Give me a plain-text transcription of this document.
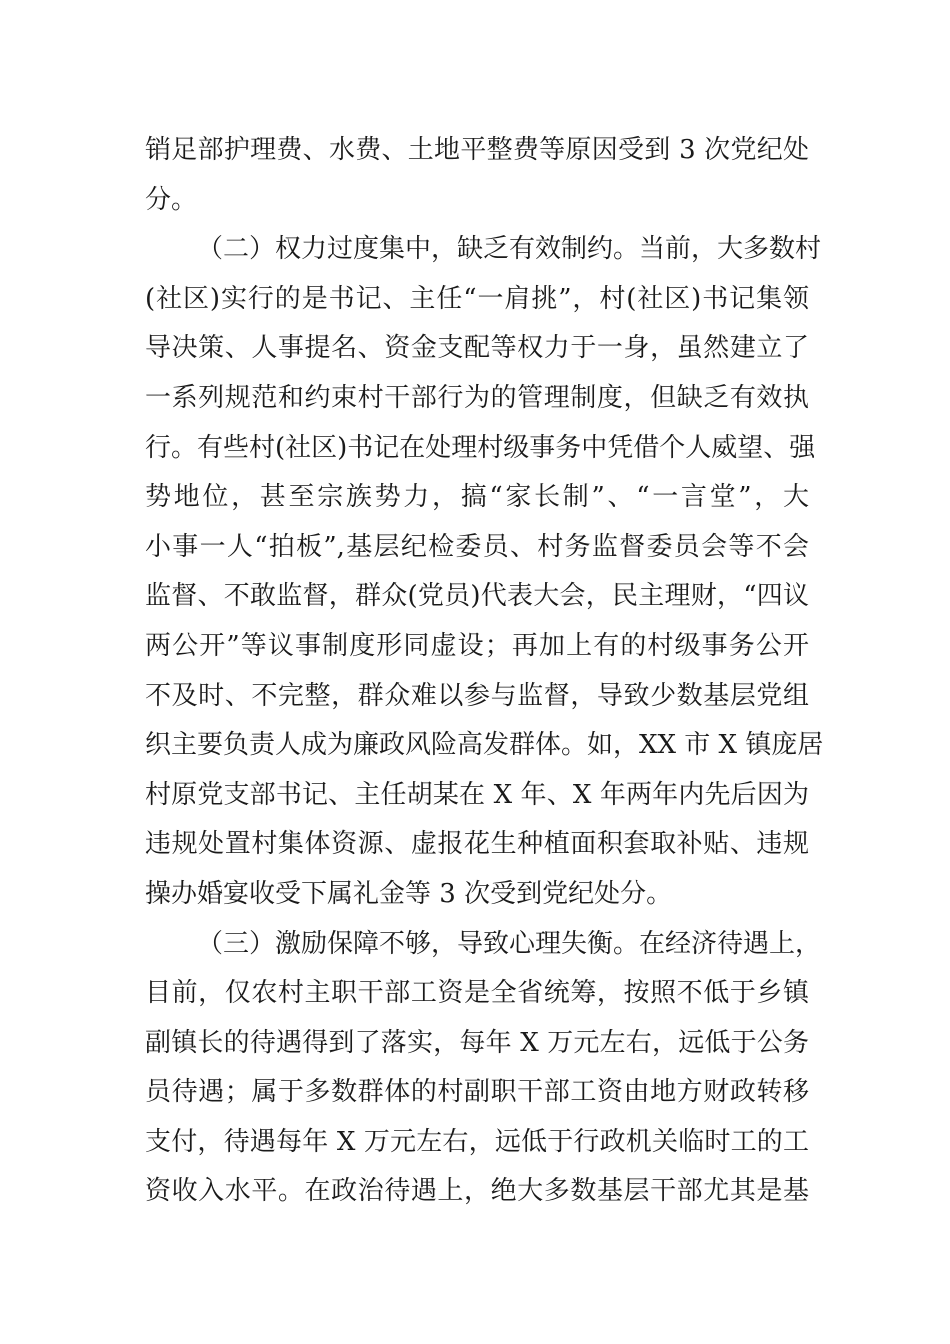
销足部护理费、水费、土地平整费等原因受到 3 次党纪处
分。
（二）权力过度集中，缺乏有效制约。当前，大多数村
(社区)实行的是书记、主任“一肩挑”，村(社区)书记集领
导决策、人事提名、资金支配等权力于一身，虽然建立了
一系列规范和约束村干部行为的管理制度，但缺乏有效执
行。有些村(社区)书记在处理村级事务中凭借个人威望、强
势地位，甚至宗族势力，搞“家长制”、“一言堂”，大
小事一人“拍板”,基层纪检委员、村务监督委员会等不会
监督、不敢监督，群众(党员)代表大会，民主理财，“四议
两公开”等议事制度形同虚设；再加上有的村级事务公开
不及时、不完整，群众难以参与监督，导致少数基层党组
织主要负责人成为廉政风险高发群体。如，XX 市 X 镇庞居
村原党支部书记、主任胡某在 X 年、X 年两年内先后因为
违规处置村集体资源、虚报花生种植面积套取补贴、违规
操办婚宴收受下属礼金等 3 次受到党纪处分。
（三）激励保障不够，导致心理失衡。在经济待遇上，
目前，仅农村主职干部工资是全省统筹，按照不低于乡镇
副镇长的待遇得到了落实，每年 X 万元左右，远低于公务
员待遇；属于多数群体的村副职干部工资由地方财政转移
支付，待遇每年 X 万元左右，远低于行政机关临时工的工
资收入水平。在政治待遇上，绝大多数基层干部尤其是基
